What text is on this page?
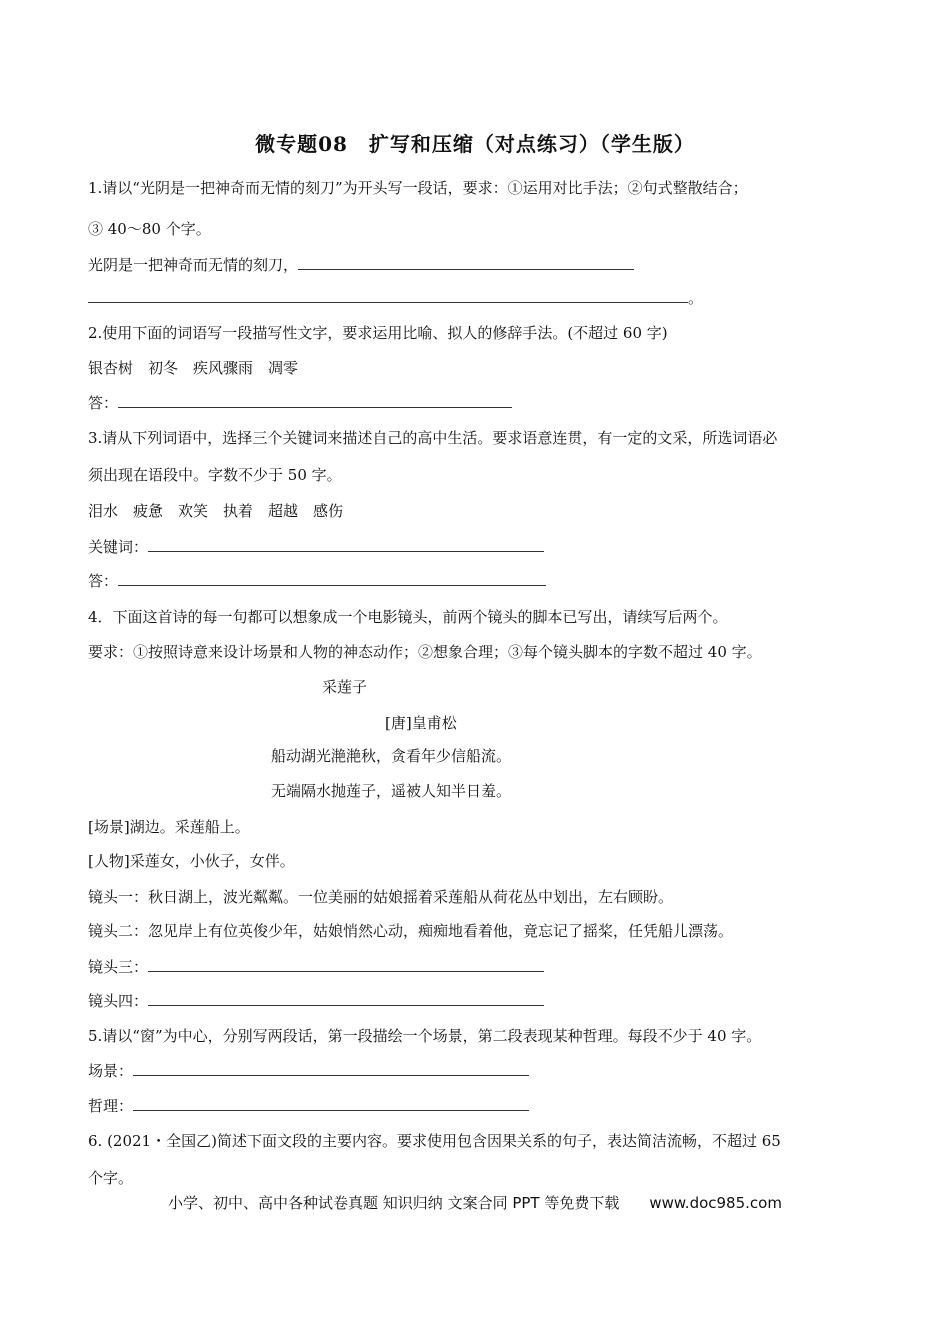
微专题08　扩写和压缩（对点练习）（学生版）
1.请以“光阴是一把神奇而无情的刻刀”为开头写一段话，要求：①运用对比手法；②句式整散结合；
③ 40～80 个字。
光阴是一把神奇而无情的刻刀，
。
2.使用下面的词语写一段描写性文字，要求运用比喻、拟人的修辞手法。(不超过 60 字)
银杏树　初冬　疾风骤雨　凋零
答：
3.请从下列词语中，选择三个关键词来描述自己的高中生活。要求语意连贯，有一定的文采，所选词语必
须出现在语段中。字数不少于 50 字。
泪水　疲惫　欢笑　执着　超越　感伤
关键词：
答：
4．下面这首诗的每一句都可以想象成一个电影镜头，前两个镜头的脚本已写出，请续写后两个。
要求：①按照诗意来设计场景和人物的神态动作；②想象合理；③每个镜头脚本的字数不超过 40 字。
采莲子
[唐]皇甫松
船动湖光滟滟秋，贪看年少信船流。
无端隔水抛莲子，遥被人知半日羞。
[场景]湖边。采莲船上。
[人物]采莲女，小伙子，女伴。
镜头一：秋日湖上，波光粼粼。一位美丽的姑娘摇着采莲船从荷花丛中划出，左右顾盼。
镜头二：忽见岸上有位英俊少年，姑娘悄然心动，痴痴地看着他，竟忘记了摇桨，任凭船儿漂荡。
镜头三：
镜头四：
5.请以“窗”为中心，分别写两段话，第一段描绘一个场景，第二段表现某种哲理。每段不少于 40 字。
场景：
哲理：
6. (2021・全国乙)简述下面文段的主要内容。要求使用包含因果关系的句子，表达简洁流畅，不超过 65
个字。
小学、初中、高中各种试卷真题 知识归纳 文案合同 PPT 等免费下载 www.doc985.com
